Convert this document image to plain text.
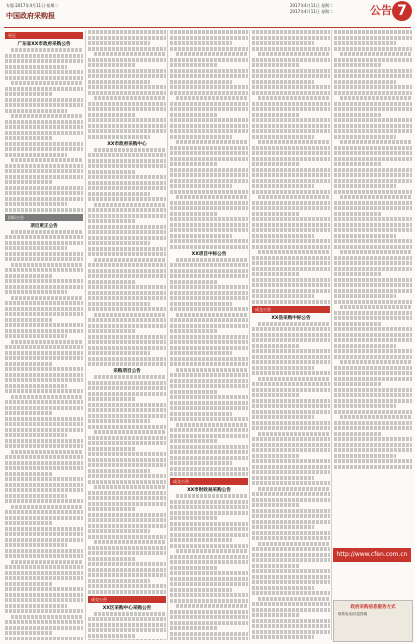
专版·2017年4月11日·星期二
中国政府采购报
2017年4月11日 星期二
2017年4月11日 星期二	公告 7
更正
广东省XX市政府采购公告
招标公告
项目更正公告
XX市政府采购中心
采购项目公告
成交公告
XX区采购中心采购公告
XX项目中标公告
成交公告
XX市财政局采购公告
成交公告
XX县采购中标公告
http://www.cfen.com.cn
政府采购信息服务方式
联系电话/信息投稿
